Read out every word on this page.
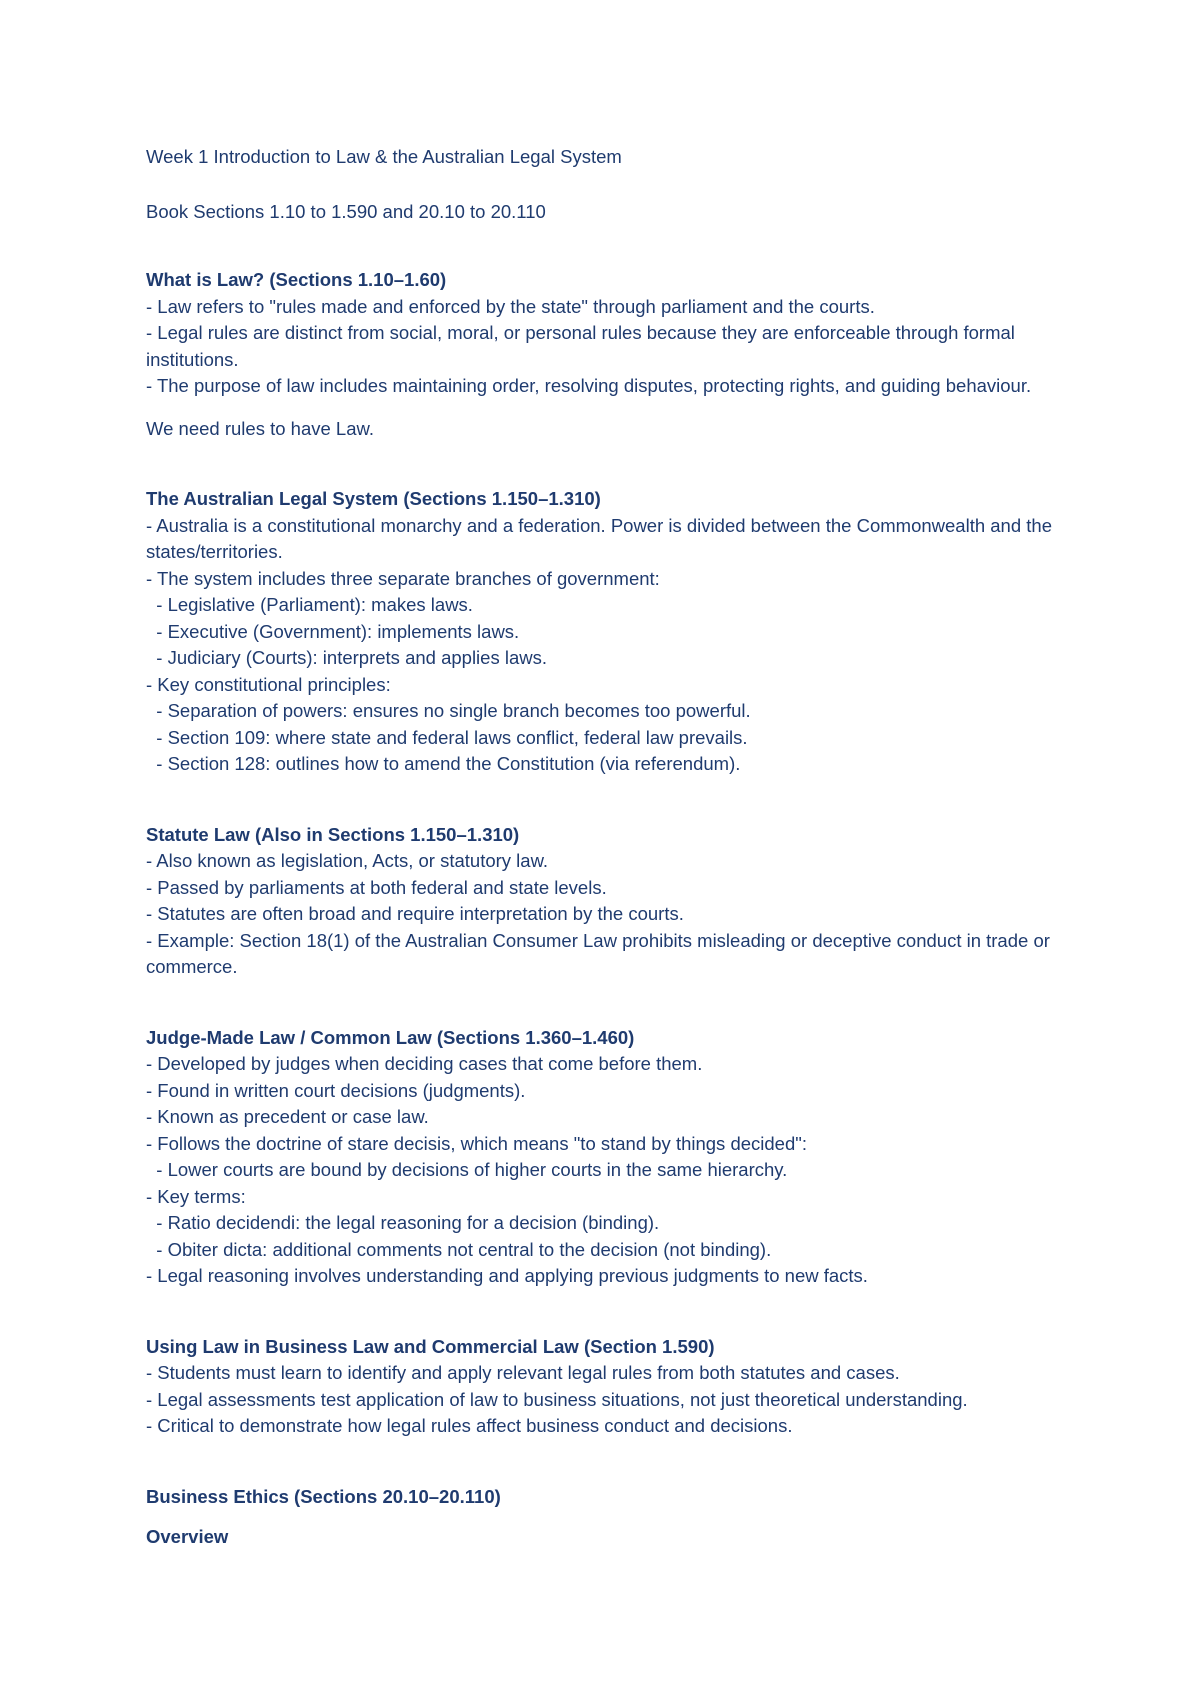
Week 1 Introduction to Law & the Australian Legal System

Book Sections 1.10 to 1.590 and 20.10 to 20.110

What is Law? (Sections 1.10–1.60)

- Law refers to "rules made and enforced by the state" through parliament and the courts.

- Legal rules are distinct from social, moral, or personal rules because they are enforceable through formal institutions.

- The purpose of law includes maintaining order, resolving disputes, protecting rights, and guiding behaviour.

We need rules to have Law.

The Australian Legal System (Sections 1.150–1.310)

- Australia is a constitutional monarchy and a federation. Power is divided between the Commonwealth and the states/territories.

- The system includes three separate branches of government:

- Legislative (Parliament): makes laws.

- Executive (Government): implements laws.

- Judiciary (Courts): interprets and applies laws.

- Key constitutional principles:

- Separation of powers: ensures no single branch becomes too powerful.

- Section 109: where state and federal laws conflict, federal law prevails.

- Section 128: outlines how to amend the Constitution (via referendum).

Statute Law (Also in Sections 1.150–1.310)

- Also known as legislation, Acts, or statutory law.

- Passed by parliaments at both federal and state levels.

- Statutes are often broad and require interpretation by the courts.

- Example: Section 18(1) of the Australian Consumer Law prohibits misleading or deceptive conduct in trade or commerce.

Judge-Made Law / Common Law (Sections 1.360–1.460)

- Developed by judges when deciding cases that come before them.

- Found in written court decisions (judgments).

- Known as precedent or case law.

- Follows the doctrine of stare decisis, which means "to stand by things decided":

- Lower courts are bound by decisions of higher courts in the same hierarchy.

- Key terms:

- Ratio decidendi: the legal reasoning for a decision (binding).

- Obiter dicta: additional comments not central to the decision (not binding).

- Legal reasoning involves understanding and applying previous judgments to new facts.

Using Law in Business Law and Commercial Law (Section 1.590)

- Students must learn to identify and apply relevant legal rules from both statutes and cases.

- Legal assessments test application of law to business situations, not just theoretical understanding.

- Critical to demonstrate how legal rules affect business conduct and decisions.

Business Ethics (Sections 20.10–20.110)

Overview
